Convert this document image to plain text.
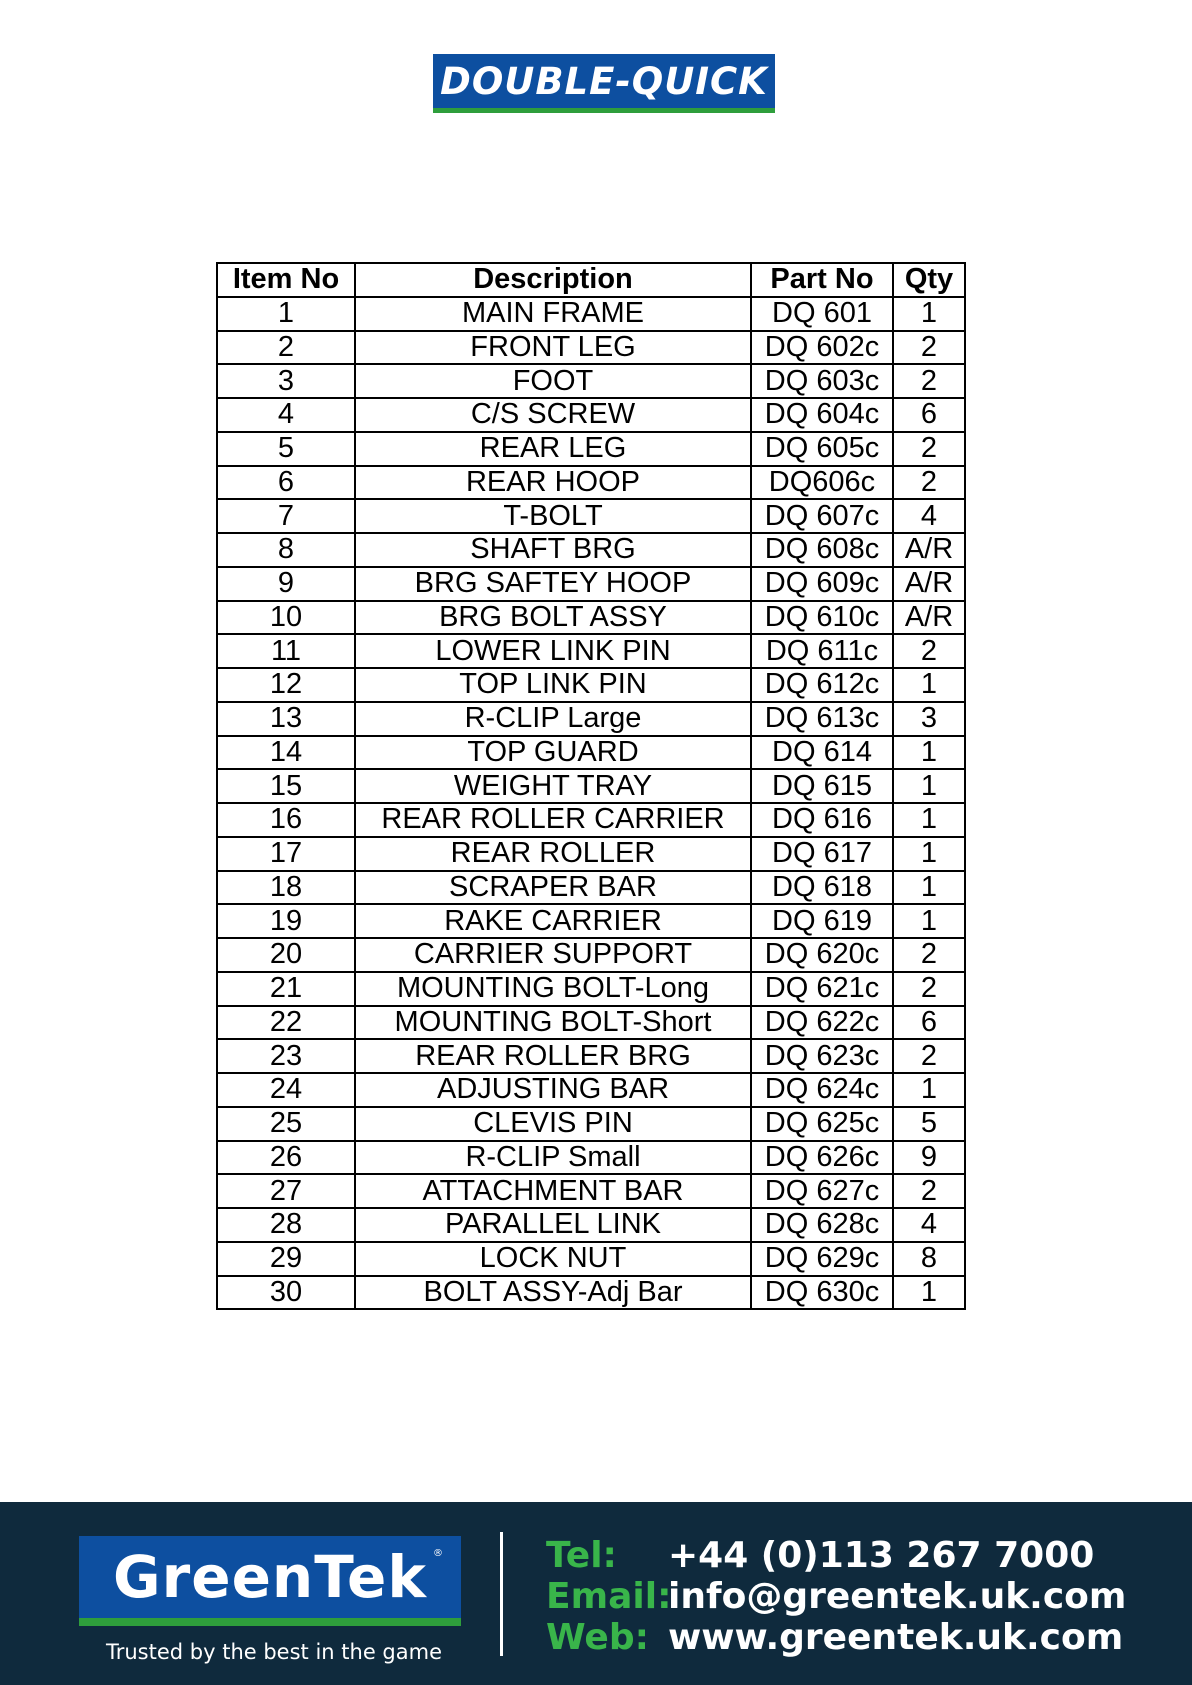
DOUBLE-QUICK
Item No	Description	Part No	Qty
1	MAIN FRAME	DQ 601	1
2	FRONT LEG	DQ 602c	2
3	FOOT	DQ 603c	2
4	C/S SCREW	DQ 604c	6
5	REAR LEG	DQ 605c	2
6	REAR HOOP	DQ606c	2
7	T-BOLT	DQ 607c	4
8	SHAFT BRG	DQ 608c	A/R
9	BRG SAFTEY HOOP	DQ 609c	A/R
10	BRG BOLT ASSY	DQ 610c	A/R
11	LOWER LINK PIN	DQ 611c	2
12	TOP LINK PIN	DQ 612c	1
13	R-CLIP Large	DQ 613c	3
14	TOP GUARD	DQ 614	1
15	WEIGHT TRAY	DQ 615	1
16	REAR ROLLER CARRIER	DQ 616	1
17	REAR ROLLER	DQ 617	1
18	SCRAPER BAR	DQ 618	1
19	RAKE CARRIER	DQ 619	1
20	CARRIER SUPPORT	DQ 620c	2
21	MOUNTING BOLT-Long	DQ 621c	2
22	MOUNTING BOLT-Short	DQ 622c	6
23	REAR ROLLER BRG	DQ 623c	2
24	ADJUSTING BAR	DQ 624c	1
25	CLEVIS PIN	DQ 625c	5
26	R-CLIP Small	DQ 626c	9
27	ATTACHMENT BAR	DQ 627c	2
28	PARALLEL LINK	DQ 628c	4
29	LOCK NUT	DQ 629c	8
30	BOLT ASSY-Adj Bar	DQ 630c	1
GreenTek ®
Trusted by the best in the game
Tel: +44 (0)113 267 7000
Email:
info@greentek.uk.com
Web: www.greentek.uk.com
